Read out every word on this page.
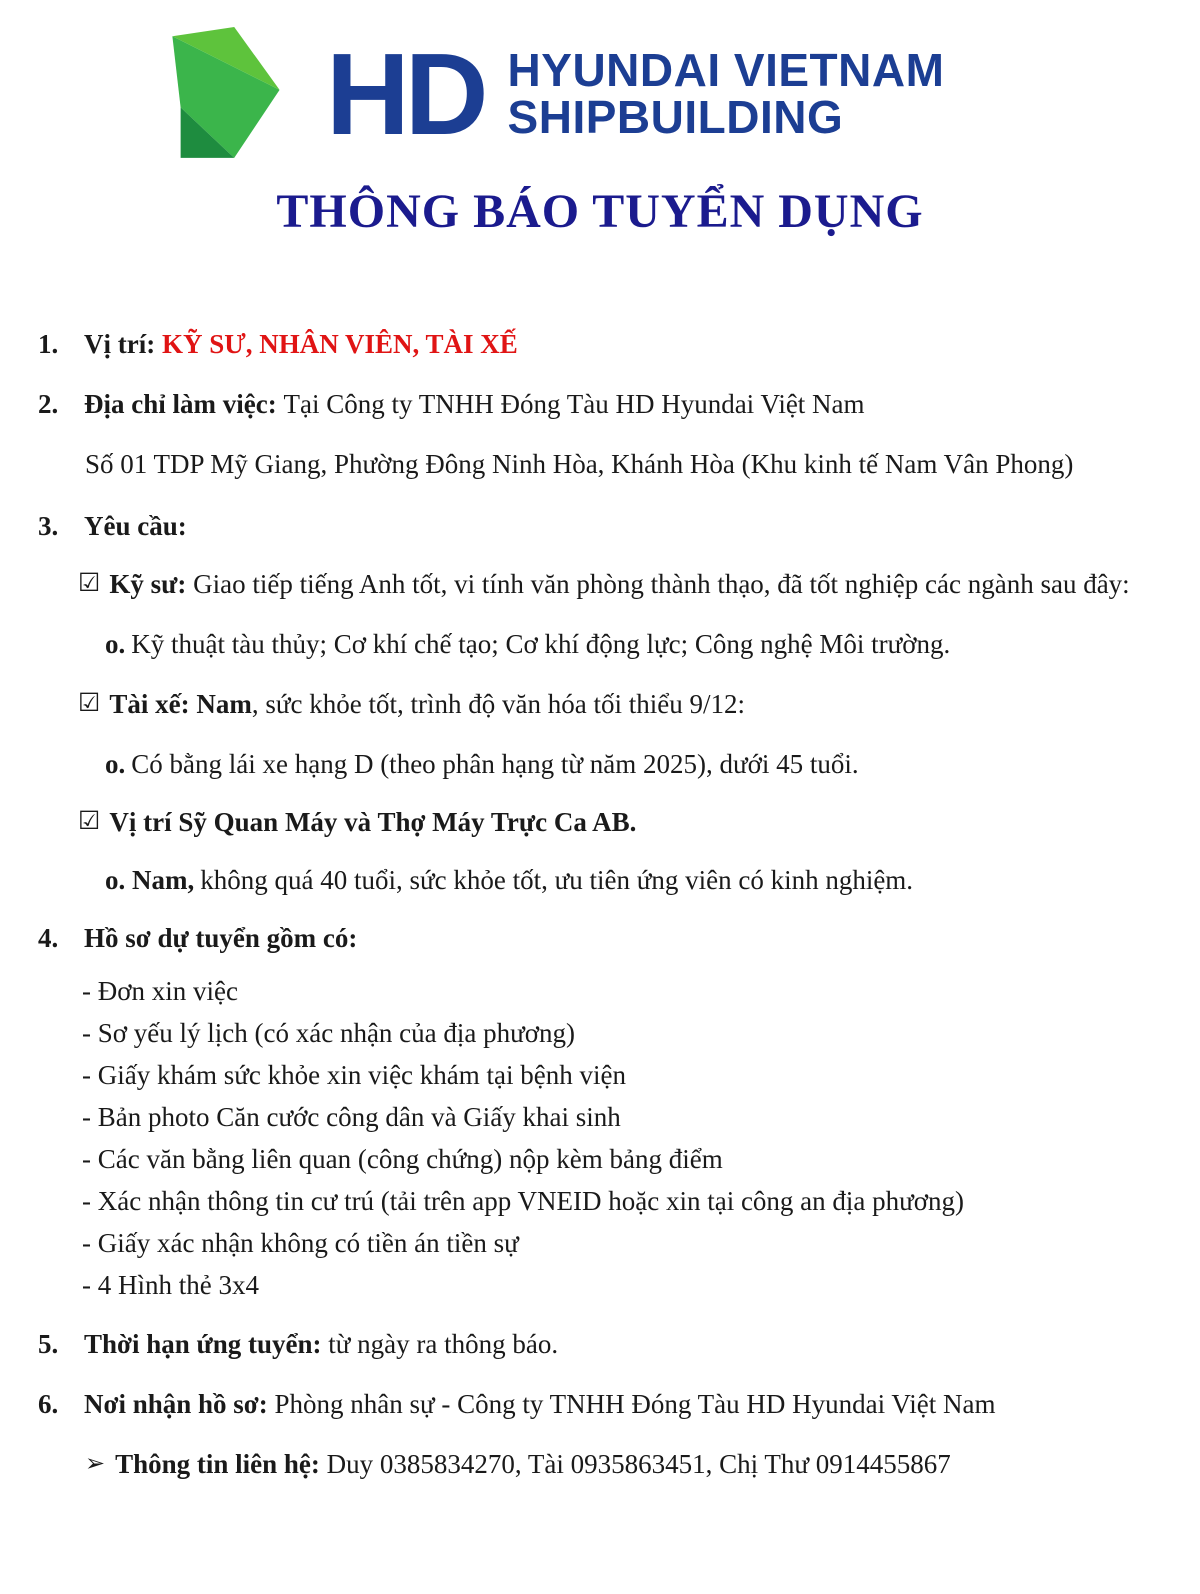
HD HYUNDAI VIETNAM
SHIPBUILDING
THÔNG BÁO TUYỂN DỤNG
1. Vị trí: KỸ SƯ, NHÂN VIÊN, TÀI XẾ
2. Địa chỉ làm việc: Tại Công ty TNHH Đóng Tàu HD Hyundai Việt Nam
Số 01 TDP Mỹ Giang, Phường Đông Ninh Hòa, Khánh Hòa (Khu kinh tế Nam Vân Phong)
3. Yêu cầu:
☑ Kỹ sư: Giao tiếp tiếng Anh tốt, vi tính văn phòng thành thạo, đã tốt nghiệp các ngành sau đây:
o. Kỹ thuật tàu thủy; Cơ khí chế tạo; Cơ khí động lực; Công nghệ Môi trường.
☑ Tài xế: Nam, sức khỏe tốt, trình độ văn hóa tối thiểu 9/12:
o. Có bằng lái xe hạng D (theo phân hạng từ năm 2025), dưới 45 tuổi.
☑ Vị trí Sỹ Quan Máy và Thợ Máy Trực Ca AB.
o. Nam, không quá 40 tuổi, sức khỏe tốt, ưu tiên ứng viên có kinh nghiệm.
4. Hồ sơ dự tuyển gồm có:
- Đơn xin việc
- Sơ yếu lý lịch (có xác nhận của địa phương)
- Giấy khám sức khỏe xin việc khám tại bệnh viện
- Bản photo Căn cước công dân và Giấy khai sinh
- Các văn bằng liên quan (công chứng) nộp kèm bảng điểm
- Xác nhận thông tin cư trú (tải trên app VNEID hoặc xin tại công an địa phương)
- Giấy xác nhận không có tiền án tiền sự
- 4 Hình thẻ 3x4
5. Thời hạn ứng tuyển: từ ngày ra thông báo.
6. Nơi nhận hồ sơ: Phòng nhân sự - Công ty TNHH Đóng Tàu HD Hyundai Việt Nam
➢ Thông tin liên hệ: Duy 0385834270, Tài 0935863451, Chị Thư 0914455867
